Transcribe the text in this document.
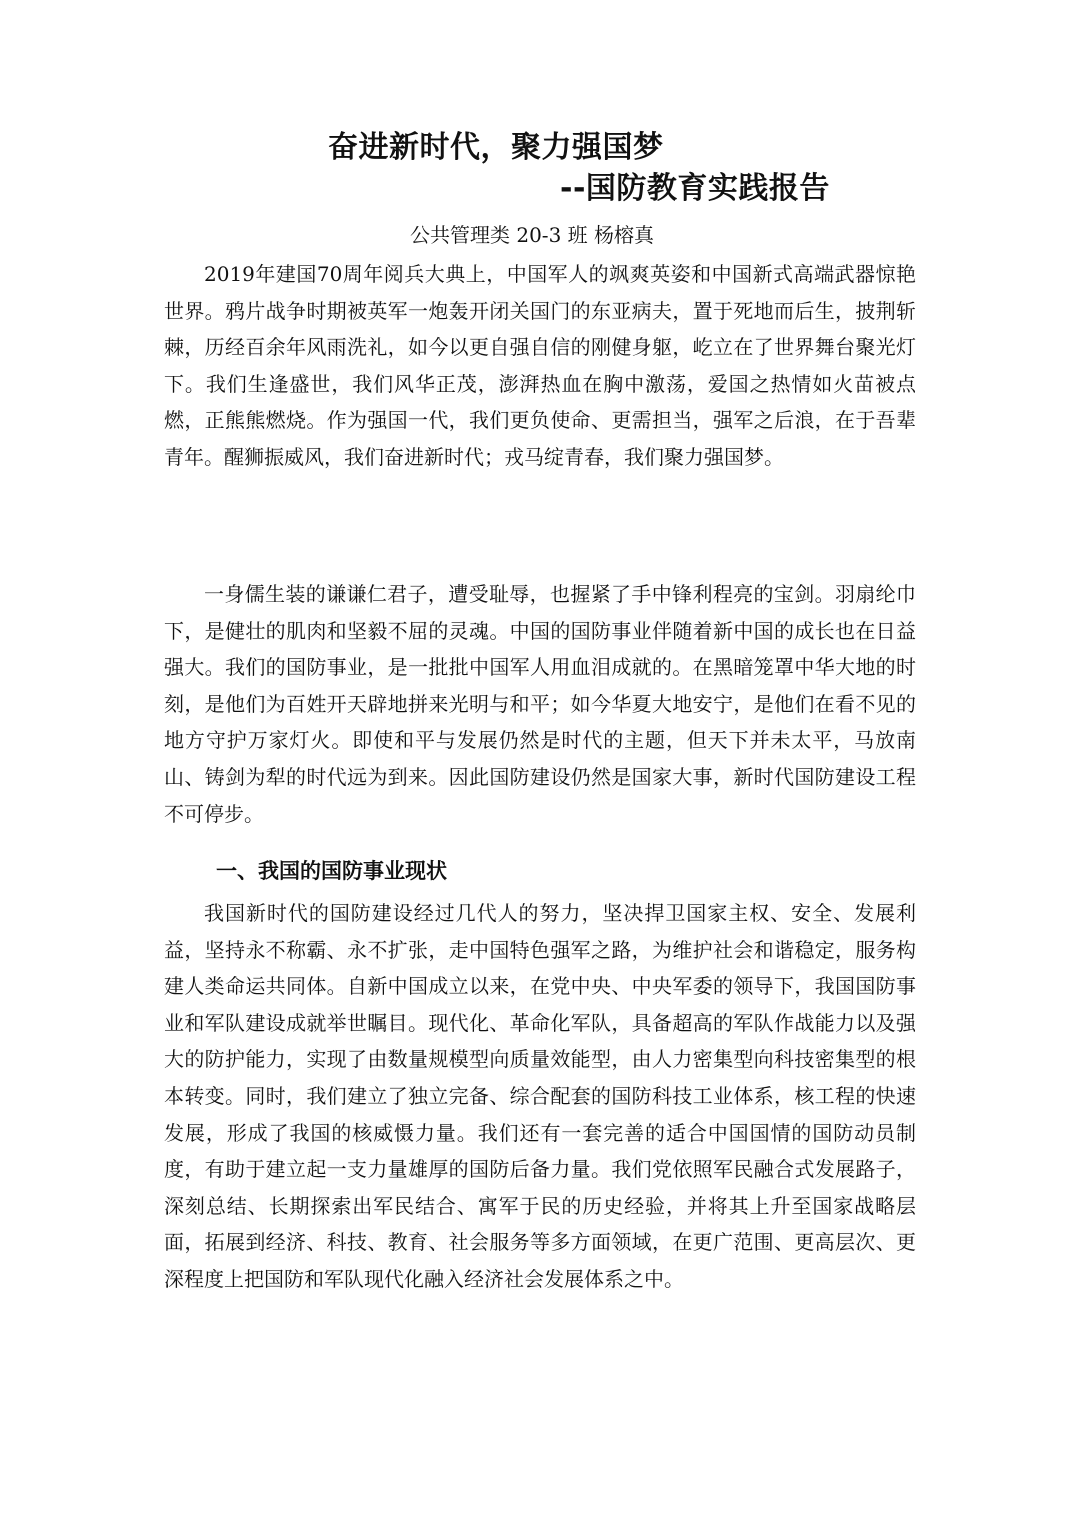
奋进新时代，聚力强国梦
--国防教育实践报告
公共管理类 20-3 班 杨榕真

2019年建国70周年阅兵大典上，中国军人的飒爽英姿和中国新式高端武器惊艳世界。鸦片战争时期被英军一炮轰开闭关国门的东亚病夫，置于死地而后生，披荆斩棘，历经百余年风雨洗礼，如今以更自强自信的刚健身躯，屹立在了世界舞台聚光灯下。我们生逢盛世，我们风华正茂，澎湃热血在胸中激荡，爱国之热情如火苗被点燃，正熊熊燃烧。作为强国一代，我们更负使命、更需担当，强军之后浪，在于吾辈青年。醒狮振威风，我们奋进新时代；戎马绽青春，我们聚力强国梦。

一身儒生装的谦谦仁君子，遭受耻辱，也握紧了手中锋利程亮的宝剑。羽扇纶巾下，是健壮的肌肉和坚毅不屈的灵魂。中国的国防事业伴随着新中国的成长也在日益强大。我们的国防事业，是一批批中国军人用血泪成就的。在黑暗笼罩中华大地的时刻，是他们为百姓开天辟地拼来光明与和平；如今华夏大地安宁，是他们在看不见的地方守护万家灯火。即使和平与发展仍然是时代的主题，但天下并未太平，马放南山、铸剑为犁的时代远为到来。因此国防建设仍然是国家大事，新时代国防建设工程不可停步。

一、我国的国防事业现状

我国新时代的国防建设经过几代人的努力，坚决捍卫国家主权、安全、发展利益，坚持永不称霸、永不扩张，走中国特色强军之路，为维护社会和谐稳定，服务构建人类命运共同体。自新中国成立以来，在党中央、中央军委的领导下，我国国防事业和军队建设成就举世瞩目。现代化、革命化军队，具备超高的军队作战能力以及强大的防护能力，实现了由数量规模型向质量效能型，由人力密集型向科技密集型的根本转变。同时，我们建立了独立完备、综合配套的国防科技工业体系，核工程的快速发展，形成了我国的核威慑力量。我们还有一套完善的适合中国国情的国防动员制度，有助于建立起一支力量雄厚的国防后备力量。我们党依照军民融合式发展路子，深刻总结、长期探索出军民结合、寓军于民的历史经验，并将其上升至国家战略层面，拓展到经济、科技、教育、社会服务等多方面领域，在更广范围、更高层次、更深程度上把国防和军队现代化融入经济社会发展体系之中。
